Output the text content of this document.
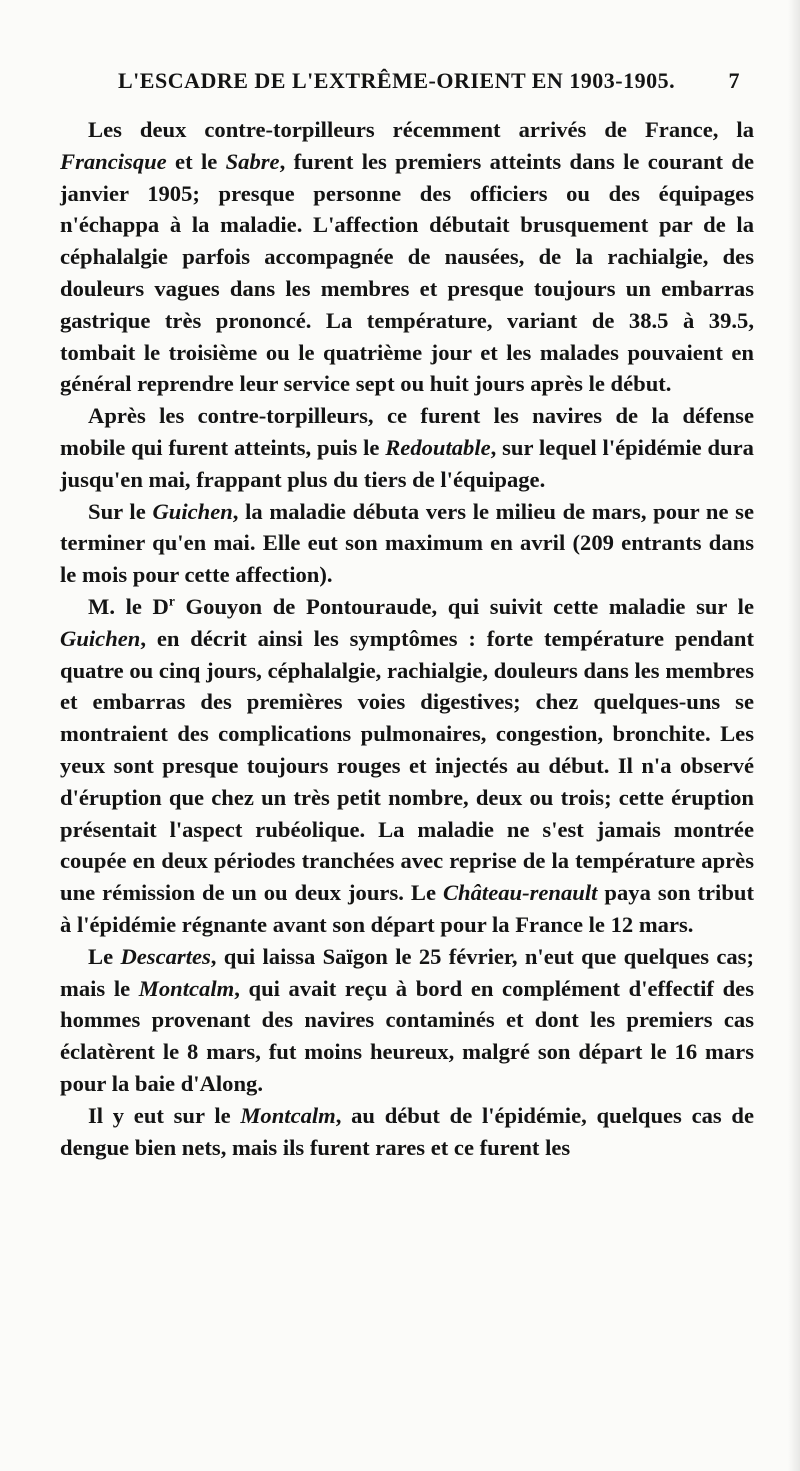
L'ESCADRE DE L'EXTRÊME-ORIENT EN 1903-1905. 7

Les deux contre-torpilleurs récemment arrivés de France, la Francisque et le Sabre, furent les premiers atteints dans le courant de janvier 1905; presque personne des officiers ou des équipages n'échappa à la maladie. L'affection débutait brusquement par de la céphalalgie parfois accompagnée de nausées, de la rachialgie, des douleurs vagues dans les membres et presque toujours un embarras gastrique très prononcé. La température, variant de 38.5 à 39.5, tombait le troisième ou le quatrième jour et les malades pouvaient en général reprendre leur service sept ou huit jours après le début.

Après les contre-torpilleurs, ce furent les navires de la défense mobile qui furent atteints, puis le Redoutable, sur lequel l'épidémie dura jusqu'en mai, frappant plus du tiers de l'équipage.

Sur le Guichen, la maladie débuta vers le milieu de mars, pour ne se terminer qu'en mai. Elle eut son maximum en avril (209 entrants dans le mois pour cette affection).

M. le $D^r$ Gouyon de Pontouraude, qui suivit cette maladie sur le Guichen, en décrit ainsi les symptômes : forte température pendant quatre ou cinq jours, céphalalgie, rachialgie, douleurs dans les membres et embarras des premières voies digestives; chez quelques-uns se montraient des complications pulmonaires, congestion, bronchite. Les yeux sont presque toujours rouges et injectés au début. Il n'a observé d'éruption que chez un très petit nombre, deux ou trois; cette éruption présentait l'aspect rubéolique. La maladie ne s'est jamais montrée coupée en deux périodes tranchées avec reprise de la température après une rémission de un ou deux jours. Le Château-renault paya son tribut à l'épidémie régnante avant son départ pour la France le 12 mars.

Le Descartes, qui laissa Saïgon le 25 février, n'eut que quelques cas; mais le Montcalm, qui avait reçu à bord en complément d'effectif des hommes provenant des navires contaminés et dont les premiers cas éclatèrent le 8 mars, fut moins heureux, malgré son départ le 16 mars pour la baie d'Along.

Il y eut sur le Montcalm, au début de l'épidémie, quelques cas de dengue bien nets, mais ils furent rares et ce furent les
